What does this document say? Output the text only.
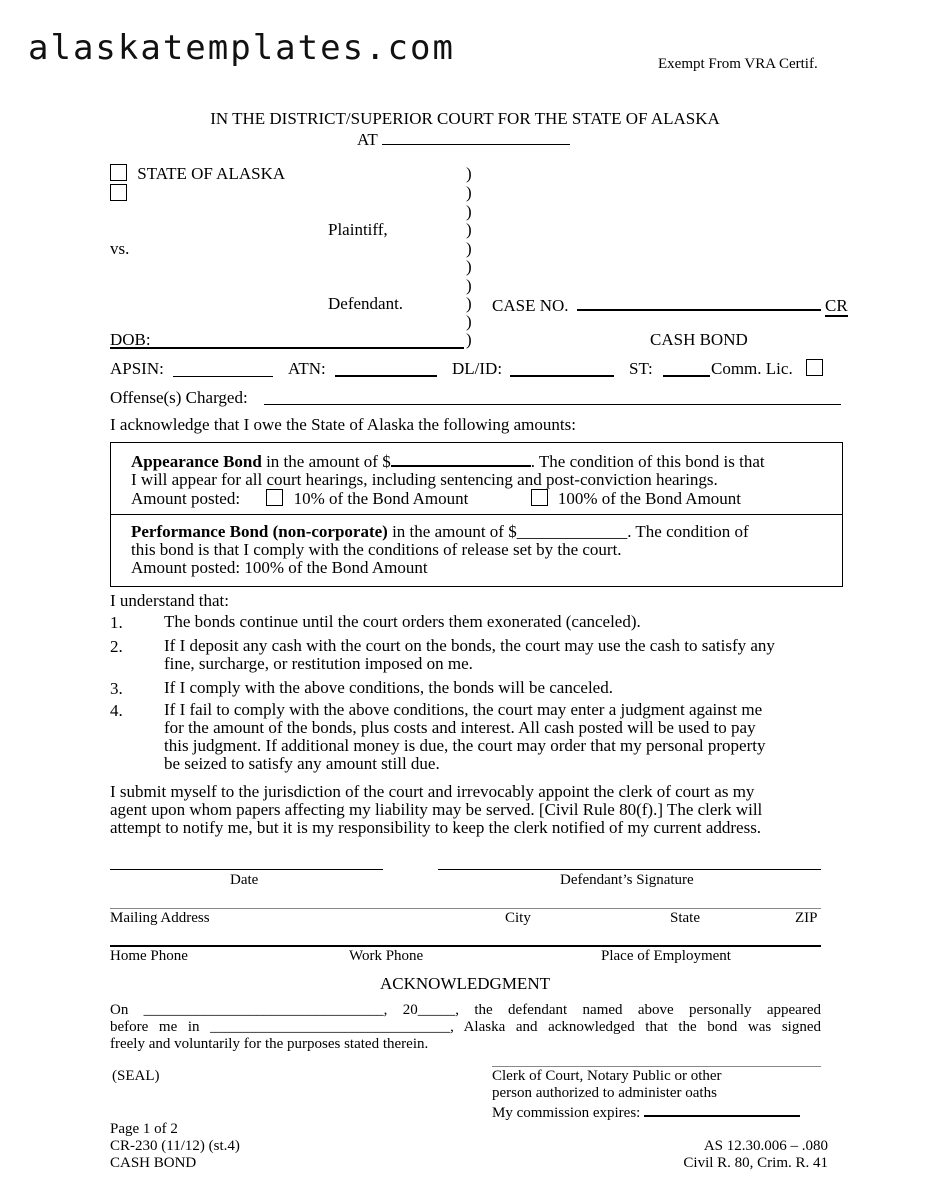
alaskatemplates.com	Exempt From VRA Certif.
IN THE DISTRICT/SUPERIOR COURT FOR THE STATE OF ALASKA
AT
STATE OF ALASKA
Plaintiff,
vs.
Defendant.
)
)
)
)
)
)
)
)
)
)
CASE NO.	CR
DOB:	CASH BOND
APSIN:	ATN:	DL/ID:	ST:	Comm. Lic.
Offense(s) Charged:
I acknowledge that I owe the State of Alaska the following amounts:
Appearance Bond in the amount of $	. The condition of this bond is that
I will appear for all court hearings, including sentencing and post-conviction hearings.
Amount posted:	10% of the Bond Amount	100% of the Bond Amount
Performance Bond (non-corporate) in the amount of $_____________. The condition of
this bond is that I comply with the conditions of release set by the court.
Amount posted: 100% of the Bond Amount
I understand that:
1. The bonds continue until the court orders them exonerated (canceled).
2. If I deposit any cash with the court on the bonds, the court may use the cash to satisfy any
fine, surcharge, or restitution imposed on me.
3. If I comply with the above conditions, the bonds will be canceled.
4. If I fail to comply with the above conditions, the court may enter a judgment against me
for the amount of the bonds, plus costs and interest. All cash posted will be used to pay
this judgment. If additional money is due, the court may order that my personal property
be seized to satisfy any amount still due.
I submit myself to the jurisdiction of the court and irrevocably appoint the clerk of court as my
agent upon whom papers affecting my liability may be served. [Civil Rule 80(f).] The clerk will
attempt to notify me, but it is my responsibility to keep the clerk notified of my current address.
Date	Defendant’s Signature
Mailing Address	City	State	ZIP
Home Phone	Work Phone	Place of Employment
ACKNOWLEDGMENT
On ________________________________, 20_____, the defendant named above personally appeared
before me in ________________________________, Alaska and acknowledged that the bond was signed
freely and voluntarily for the purposes stated therein.
(SEAL)	Clerk of Court, Notary Public or other
person authorized to administer oaths
My commission expires:
Page 1 of 2
CR-230 (11/12) (st.4)
CASH BOND
AS 12.30.006 – .080
Civil R. 80, Crim. R. 41
